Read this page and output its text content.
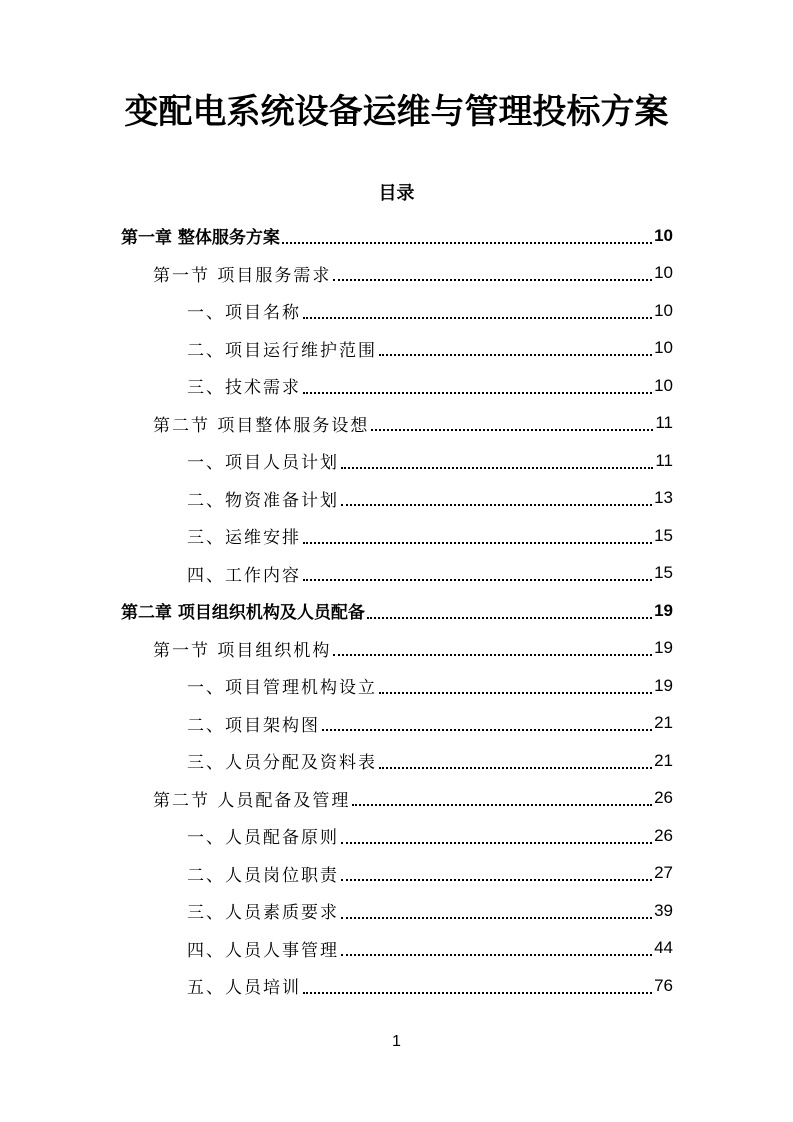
变配电系统设备运维与管理投标方案
目录
第一章 整体服务方案	10
第一节 项目服务需求	10
一、项目名称	10
二、项目运行维护范围	10
三、技术需求	10
第二节 项目整体服务设想	11
一、项目人员计划	11
二、物资准备计划	13
三、运维安排	15
四、工作内容	15
第二章 项目组织机构及人员配备	19
第一节 项目组织机构	19
一、项目管理机构设立	19
二、项目架构图	21
三、人员分配及资料表	21
第二节 人员配备及管理	26
一、人员配备原则	26
二、人员岗位职责	27
三、人员素质要求	39
四、人员人事管理	44
五、人员培训	76
1
